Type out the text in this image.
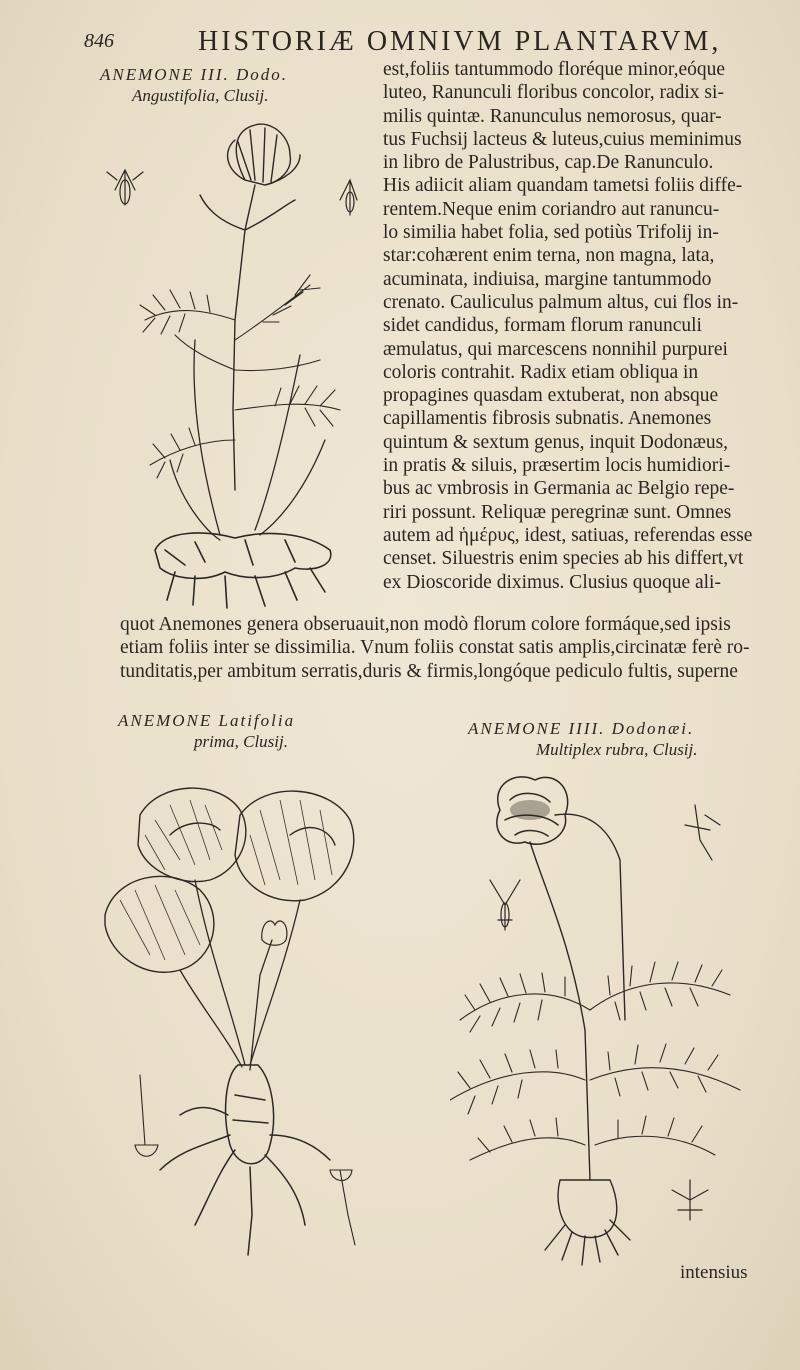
846	HISTORIÆ OMNIVM PLANTARVM,
ANEMONE III. Dodo.
Angustifolia, Clusij.
est,foliis tantummodo floréque minor,eóque
luteo, Ranunculi floribus concolor, radix si-
milis quintæ. Ranunculus nemorosus, quar-
tus Fuchsij lacteus & luteus,cuius meminimus
in libro de Palustribus, cap.De Ranunculo.
His adiicit aliam quandam tametsi foliis diffe-
rentem.Neque enim coriandro aut ranuncu-
lo similia habet folia, sed potiùs Trifolij in-
star:cohærent enim terna, non magna, lata,
acuminata, indiuisa, margine tantummodo
crenato. Cauliculus palmum altus, cui flos in-
sidet candidus, formam florum ranunculi
æmulatus, qui marcescens nonnihil purpurei
coloris contrahit. Radix etiam obliqua in
propagines quasdam extuberat, non absque
capillamentis fibrosis subnatis. Anemones
quintum & sextum genus, inquit Dodonæus,
in pratis & siluis, præsertim locis humidiori-
bus ac vmbrosis in Germania ac Belgio repe-
riri possunt. Reliquæ peregrinæ sunt. Omnes
autem ad ἡμέρυς, idest, satiuas, referendas esse
censet. Siluestris enim species ab his differt,vt
ex Dioscoride diximus. Clusius quoque ali-
quot Anemones genera obseruauit,non modò florum colore formáque,sed ipsis
etiam foliis inter se dissimilia. Vnum foliis constat satis amplis,circinatæ ferè ro-
tunditatis,per ambitum serratis,duris & firmis,longóque pediculo fultis, superne
ANEMONE Latifolia
prima, Clusij.
ANEMONE IIII. Dodonæi.
Multiplex rubra, Clusij.
intensius
